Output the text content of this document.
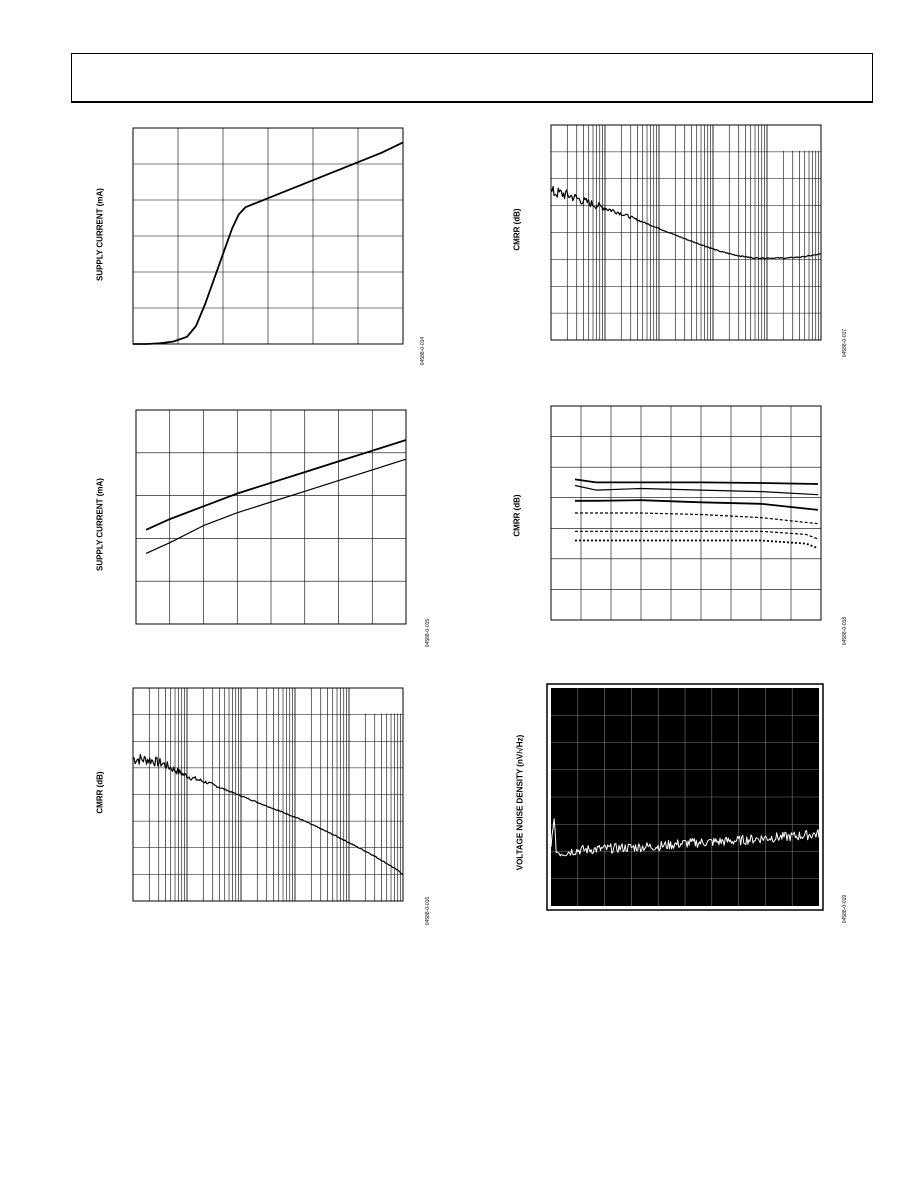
SUPPLY CURRENT (mA)
04588-0-014
SUPPLY CURRENT (mA)
04588-0-015
CMRR (dB)
04588-0-016
CMRR (dB)
04588-0-017
CMRR (dB)
04588-0-018
VOLTAGE NOISE DENSITY (nV/√Hz)
04588-0-019
